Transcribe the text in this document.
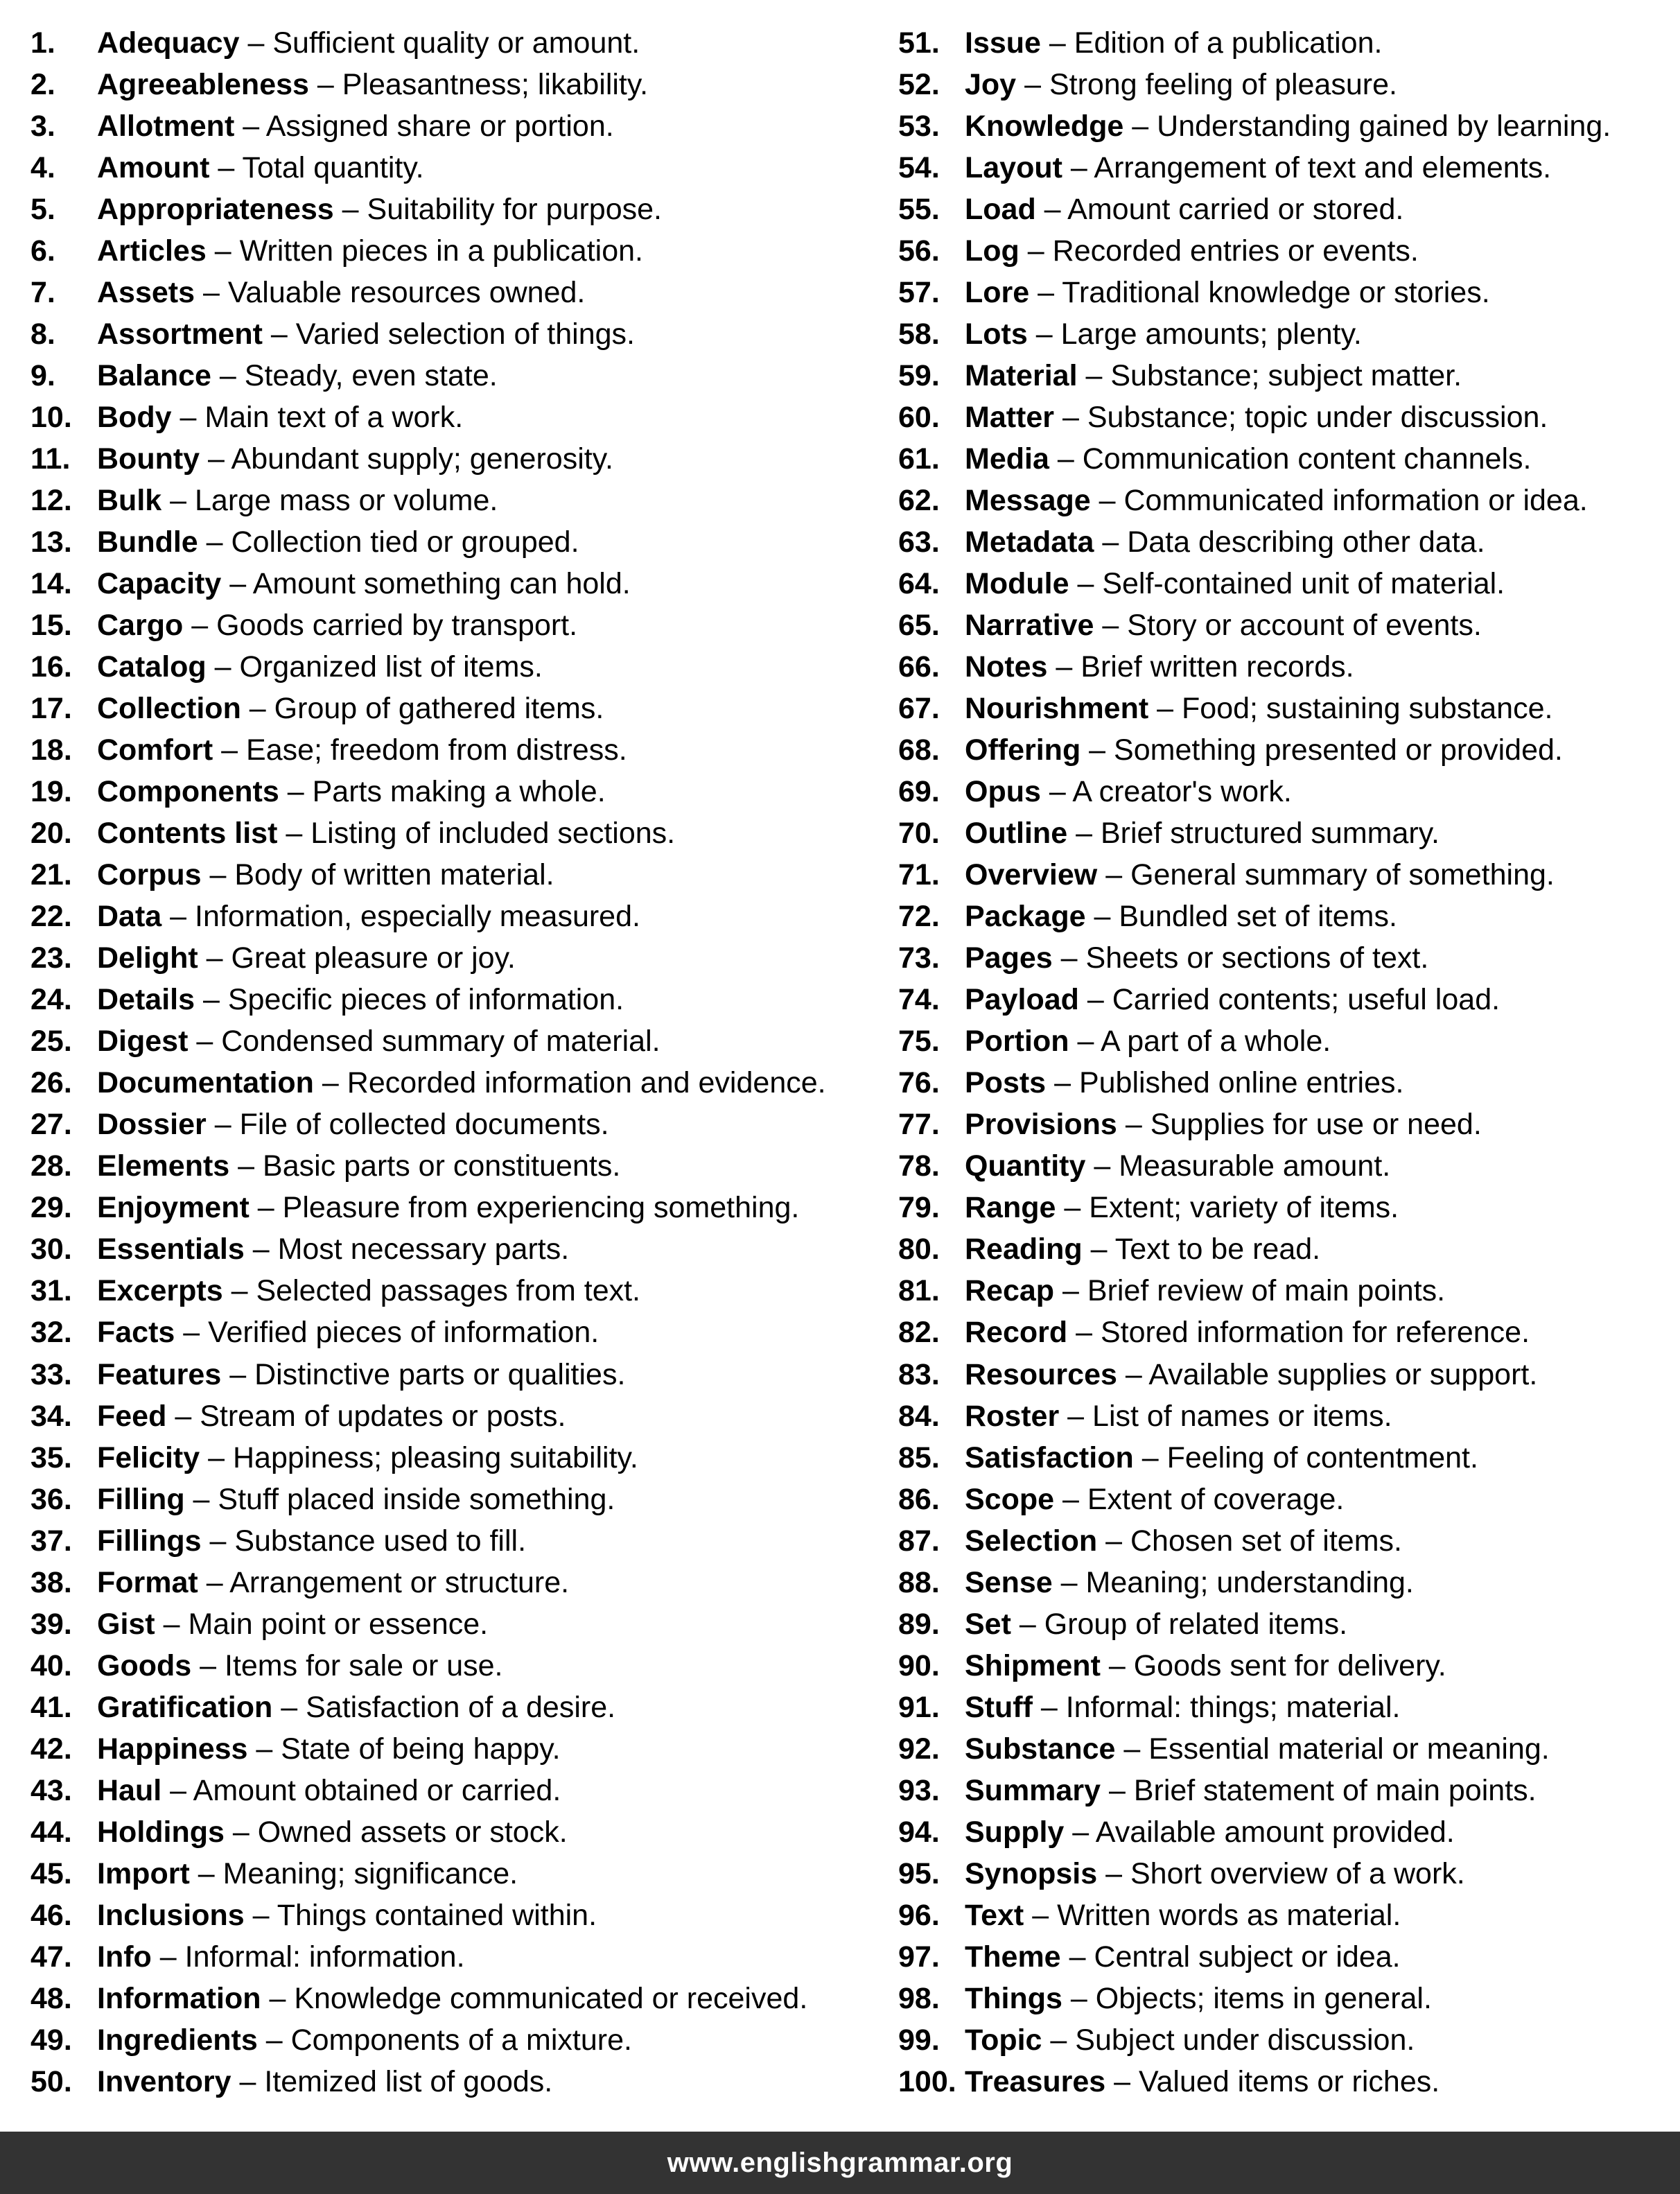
1. Adequacy – Sufficient quality or amount.
2. Agreeableness – Pleasantness; likability.
3. Allotment – Assigned share or portion.
4. Amount – Total quantity.
5. Appropriateness – Suitability for purpose.
6. Articles – Written pieces in a publication.
7. Assets – Valuable resources owned.
8. Assortment – Varied selection of things.
9. Balance – Steady, even state.
10. Body – Main text of a work.
11. Bounty – Abundant supply; generosity.
12. Bulk – Large mass or volume.
13. Bundle – Collection tied or grouped.
14. Capacity – Amount something can hold.
15. Cargo – Goods carried by transport.
16. Catalog – Organized list of items.
17. Collection – Group of gathered items.
18. Comfort – Ease; freedom from distress.
19. Components – Parts making a whole.
20. Contents list – Listing of included sections.
21. Corpus – Body of written material.
22. Data – Information, especially measured.
23. Delight – Great pleasure or joy.
24. Details – Specific pieces of information.
25. Digest – Condensed summary of material.
26. Documentation – Recorded information and evidence.
27. Dossier – File of collected documents.
28. Elements – Basic parts or constituents.
29. Enjoyment – Pleasure from experiencing something.
30. Essentials – Most necessary parts.
31. Excerpts – Selected passages from text.
32. Facts – Verified pieces of information.
33. Features – Distinctive parts or qualities.
34. Feed – Stream of updates or posts.
35. Felicity – Happiness; pleasing suitability.
36. Filling – Stuff placed inside something.
37. Fillings – Substance used to fill.
38. Format – Arrangement or structure.
39. Gist – Main point or essence.
40. Goods – Items for sale or use.
41. Gratification – Satisfaction of a desire.
42. Happiness – State of being happy.
43. Haul – Amount obtained or carried.
44. Holdings – Owned assets or stock.
45. Import – Meaning; significance.
46. Inclusions – Things contained within.
47. Info – Informal: information.
48. Information – Knowledge communicated or received.
49. Ingredients – Components of a mixture.
50. Inventory – Itemized list of goods.
51. Issue – Edition of a publication.
52. Joy – Strong feeling of pleasure.
53. Knowledge – Understanding gained by learning.
54. Layout – Arrangement of text and elements.
55. Load – Amount carried or stored.
56. Log – Recorded entries or events.
57. Lore – Traditional knowledge or stories.
58. Lots – Large amounts; plenty.
59. Material – Substance; subject matter.
60. Matter – Substance; topic under discussion.
61. Media – Communication content channels.
62. Message – Communicated information or idea.
63. Metadata – Data describing other data.
64. Module – Self-contained unit of material.
65. Narrative – Story or account of events.
66. Notes – Brief written records.
67. Nourishment – Food; sustaining substance.
68. Offering – Something presented or provided.
69. Opus – A creator's work.
70. Outline – Brief structured summary.
71. Overview – General summary of something.
72. Package – Bundled set of items.
73. Pages – Sheets or sections of text.
74. Payload – Carried contents; useful load.
75. Portion – A part of a whole.
76. Posts – Published online entries.
77. Provisions – Supplies for use or need.
78. Quantity – Measurable amount.
79. Range – Extent; variety of items.
80. Reading – Text to be read.
81. Recap – Brief review of main points.
82. Record – Stored information for reference.
83. Resources – Available supplies or support.
84. Roster – List of names or items.
85. Satisfaction – Feeling of contentment.
86. Scope – Extent of coverage.
87. Selection – Chosen set of items.
88. Sense – Meaning; understanding.
89. Set – Group of related items.
90. Shipment – Goods sent for delivery.
91. Stuff – Informal: things; material.
92. Substance – Essential material or meaning.
93. Summary – Brief statement of main points.
94. Supply – Available amount provided.
95. Synopsis – Short overview of a work.
96. Text – Written words as material.
97. Theme – Central subject or idea.
98. Things – Objects; items in general.
99. Topic – Subject under discussion.
100. Treasures – Valued items or riches.
www.englishgrammar.org
